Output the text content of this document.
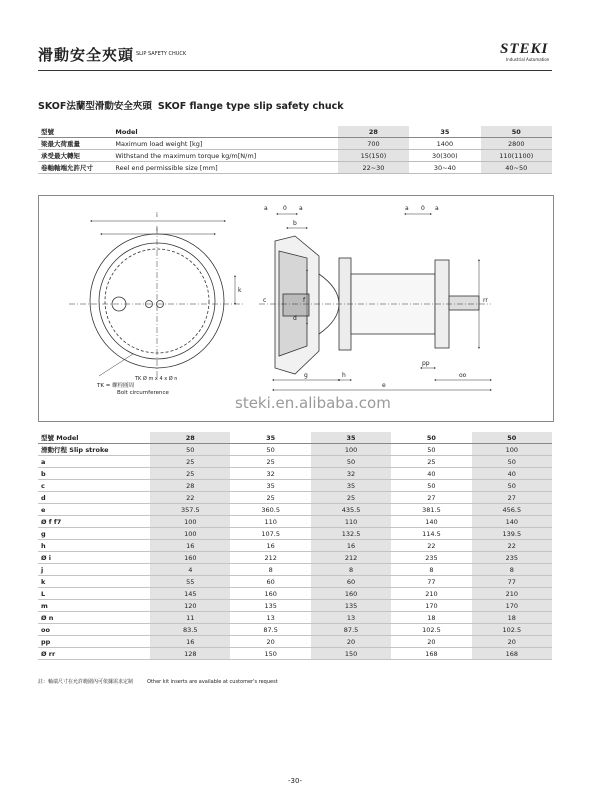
滑動安全夾頭 SLIP SAFETY CHUCK	STEKI
Industrial Automation
SKOF法蘭型滑動安全夾頭 SKOF flange type slip safety chuck
型號	Model	28	35	50
梁最大荷重量	Maximum load weight [kg]	700	1400	2800
承受最大轉矩	Withstand the maximum torque kg/m[N/m]	15(150)	30(300)	110(1100)
卷軸軸端允許尺寸	Reel end permissible size [mm]	22~30	30~40	40~50
i
l
k
a	0 a
b
c
d
f
a 0 a
g	h
e
pp
oo
rr
TK Ø m x 4 x Ø n
TK = 螺栓圓周
Bolt circumference
steki.en.alibaba.com
型號 Model	28	35	35	50	50
滑動行程 Slip stroke	50	50	100	50	100
a	25	25	50	25	50
b	25	32	32	40	40
c	28	35	35	50	50
d	22	25	25	27	27
e	357.5	360.5	435.5	381.5	456.5
Ø f f7	100	110	110	140	140
g	100	107.5	132.5	114.5	139.5
h	16	16	16	22	22
Ø i	160	212	212	235	235
j	4	8	8	8	8
k	55	60	60	77	77
L	145	160	160	210	210
m	120	135	135	170	170
Ø n	11	13	13	18	18
oo	83.5	87.5	87.5	102.5	102.5
pp	16	20	20	20	20
Ø rr	128	150	150	168	168
註：軸端尺寸在允許範圍內可依據需求定制	Other kit inserts are available at customer's request
-30-
